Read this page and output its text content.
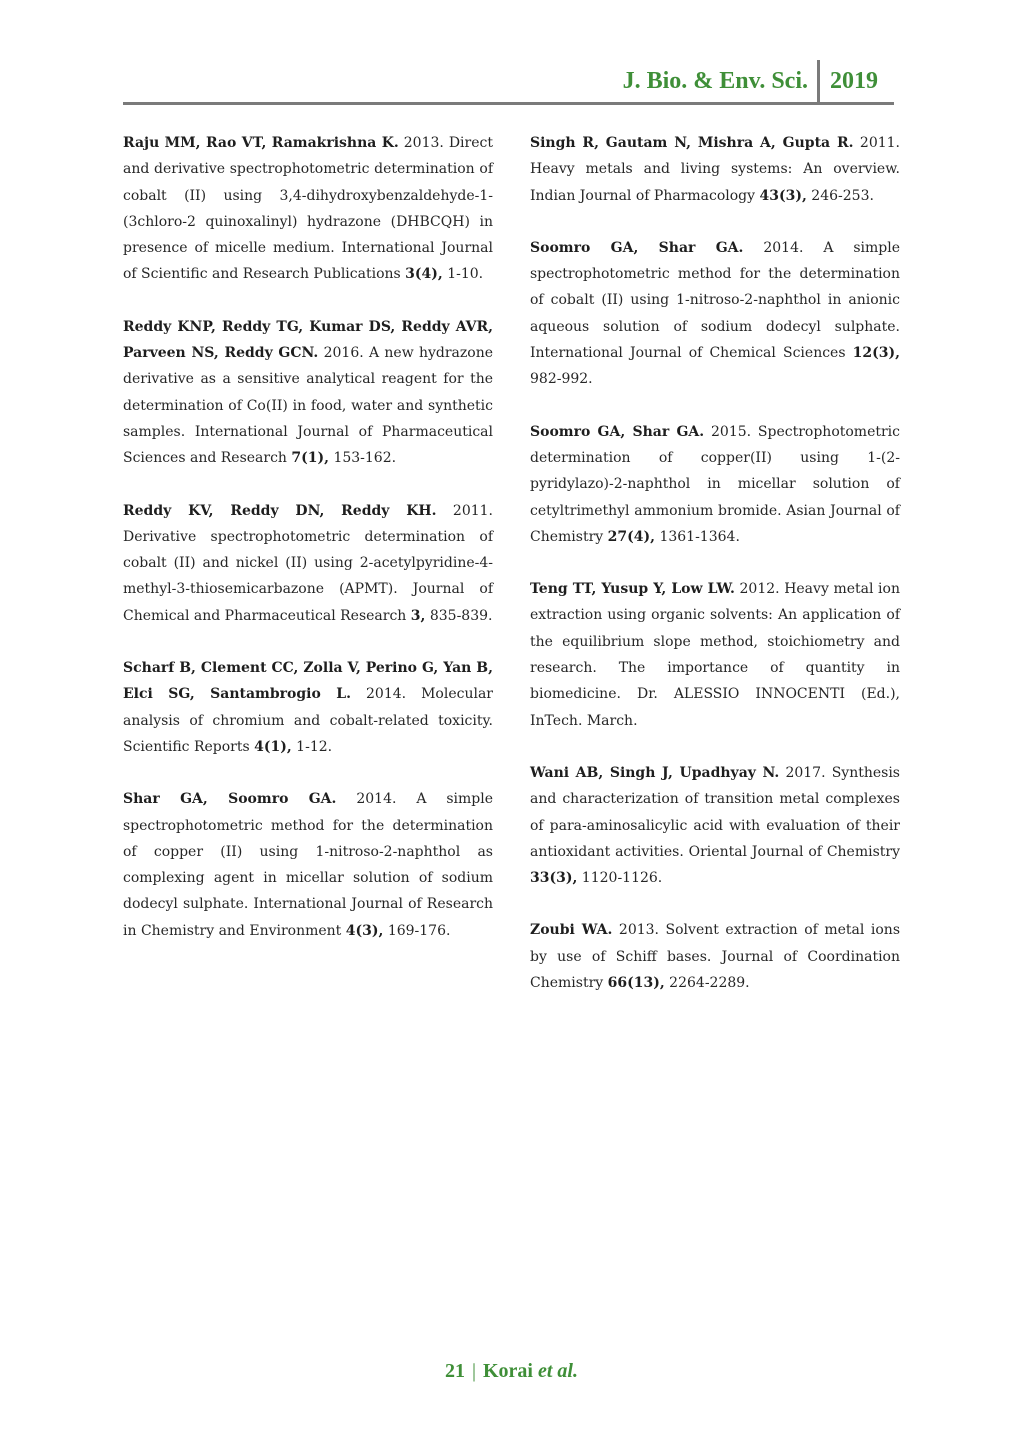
J. Bio. & Env. Sci. 2019

Raju MM, Rao VT, Ramakrishna K. 2013. Direct and derivative spectrophotometric determination of cobalt (II) using 3,4-dihydroxybenzaldehyde-1-(3chloro-2 quinoxalinyl) hydrazone (DHBCQH) in presence of micelle medium. International Journal of Scientific and Research Publications 3(4), 1-10.

Reddy KNP, Reddy TG, Kumar DS, Reddy AVR, Parveen NS, Reddy GCN. 2016. A new hydrazone derivative as a sensitive analytical reagent for the determination of Co(II) in food, water and synthetic samples. International Journal of Pharmaceutical Sciences and Research 7(1), 153-162.

Reddy KV, Reddy DN, Reddy KH. 2011. Derivative spectrophotometric determination of cobalt (II) and nickel (II) using 2-acetylpyridine-4-methyl-3-thiosemicarbazone (APMT). Journal of Chemical and Pharmaceutical Research 3, 835-839.

Scharf B, Clement CC, Zolla V, Perino G, Yan B, Elci SG, Santambrogio L. 2014. Molecular analysis of chromium and cobalt-related toxicity. Scientific Reports 4(1), 1-12.

Shar GA, Soomro GA. 2014. A simple spectrophotometric method for the determination of copper (II) using 1-nitroso-2-naphthol as complexing agent in micellar solution of sodium dodecyl sulphate. International Journal of Research in Chemistry and Environment 4(3), 169-176.

Singh R, Gautam N, Mishra A, Gupta R. 2011. Heavy metals and living systems: An overview. Indian Journal of Pharmacology 43(3), 246-253.

Soomro GA, Shar GA. 2014. A simple spectrophotometric method for the determination of cobalt (II) using 1-nitroso-2-naphthol in anionic aqueous solution of sodium dodecyl sulphate. International Journal of Chemical Sciences 12(3), 982-992.

Soomro GA, Shar GA. 2015. Spectrophotometric determination of copper(II) using 1-(2- pyridylazo)-2-naphthol in micellar solution of cetyltrimethyl ammonium bromide. Asian Journal of Chemistry 27(4), 1361-1364.

Teng TT, Yusup Y, Low LW. 2012. Heavy metal ion extraction using organic solvents: An application of the equilibrium slope method, stoichiometry and research. The importance of quantity in biomedicine. Dr. ALESSIO INNOCENTI (Ed.), InTech. March.

Wani AB, Singh J, Upadhyay N. 2017. Synthesis and characterization of transition metal complexes of para-aminosalicylic acid with evaluation of their antioxidant activities. Oriental Journal of Chemistry 33(3), 1120-1126.

Zoubi WA. 2013. Solvent extraction of metal ions by use of Schiff bases. Journal of Coordination Chemistry 66(13), 2264-2289.

21 | Korai et al.
